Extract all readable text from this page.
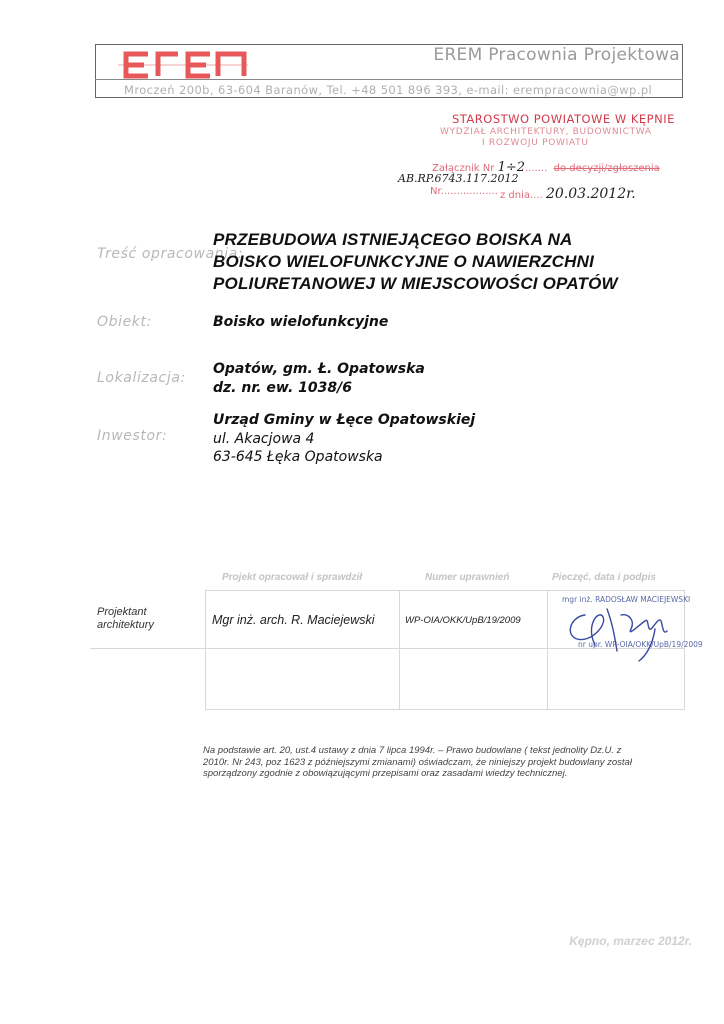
EREM Pracownia Projektowa
Mroczeń 200b, 63-604 Baranów, Tel. +48 501 896 393, e-mail: erempracownia@wp.pl
STAROSTWO POWIATOWE W KĘPNIE
WYDZIAŁ ARCHITEKTURY, BUDOWNICTWA
I ROZWOJU POWIATU
Załącznik Nr 1÷2....... do decyzji/zgłoszenia
AB.RP.6743.117.2012
z dnia.... 20.03.2012r.
Nr..................
Treść opracowania:
PRZEBUDOWA ISTNIEJĄCEGO BOISKA NA
BOISKO WIELOFUNKCYJNE O NAWIERZCHNI
POLIURETANOWEJ W MIEJSCOWOŚCI OPATÓW
Obiekt:	Boisko wielofunkcyjne
Lokalizacja:
Opatów, gm. Ł. Opatowska
dz. nr. ew. 1038/6
Inwestor:
Urząd Gminy w Łęce Opatowskiej
ul. Akacjowa 4
63-645 Łęka Opatowska
Projekt opracował i sprawdził	Numer uprawnień	Pieczęć, data i podpis
Projektant
architektury	Mgr inż. arch. R. Maciejewski	WP-OIA/OKK/UpB/19/2009
mgr inż. RADOSŁAW MACIEJEWSKI
nr upr. WP-OIA/OKK/UpB/19/2009
Na podstawie art. 20, ust.4 ustawy z dnia 7 lipca 1994r. – Prawo budowlane ( tekst jednolity Dz.U. z 2010r. Nr 243, poz 1623 z późniejszymi zmianami) oświadczam, że niniejszy projekt budowlany został sporządzony zgodnie z obowiązującymi przepisami oraz zasadami wiedzy technicznej.
Kępno, marzec 2012r.
